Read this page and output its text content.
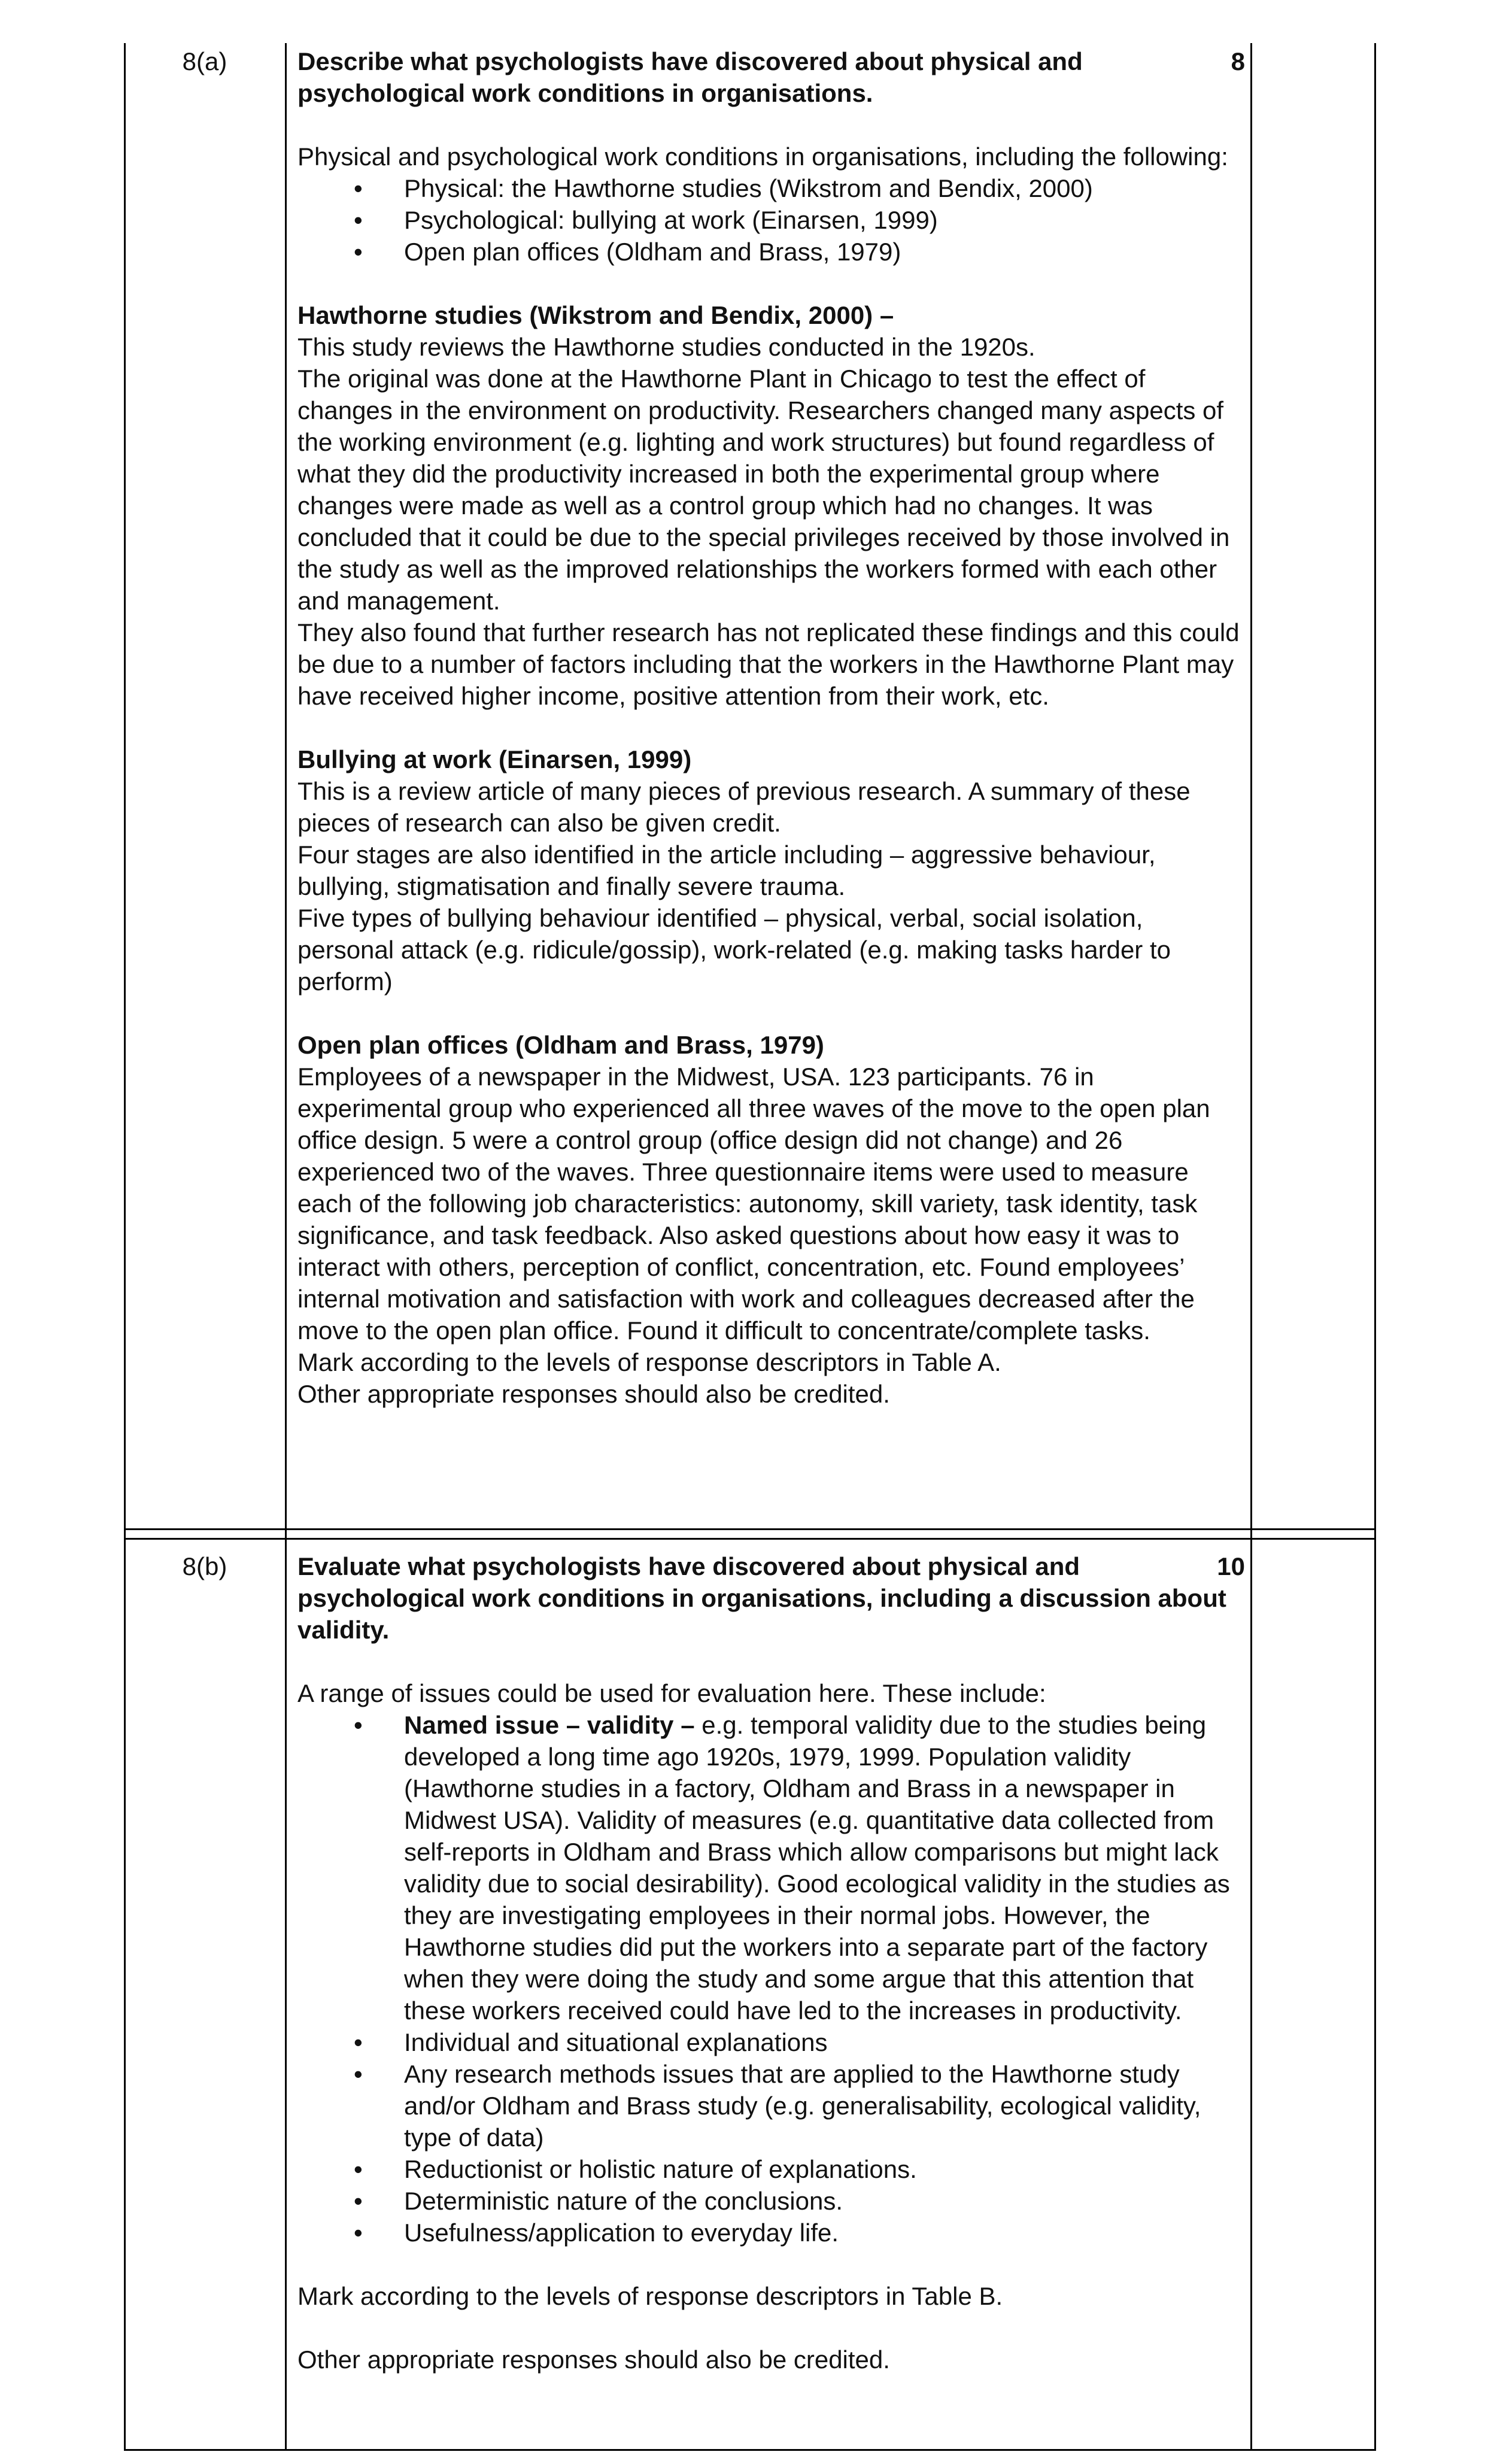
8(a)	8

Describe what psychologists have discovered about physical and psychological work conditions in organisations.

Physical and psychological work conditions in organisations, including the following:

• Physical: the Hawthorne studies (Wikstrom and Bendix, 2000)
• Psychological: bullying at work (Einarsen, 1999)
• Open plan offices (Oldham and Brass, 1979)

Hawthorne studies (Wikstrom and Bendix, 2000) –

This study reviews the Hawthorne studies conducted in the 1920s.

The original was done at the Hawthorne Plant in Chicago to test the effect of changes in the environment on productivity. Researchers changed many aspects of the working environment (e.g. lighting and work structures) but found regardless of what they did the productivity increased in both the experimental group where changes were made as well as a control group which had no changes. It was concluded that it could be due to the special privileges received by those involved in the study as well as the improved relationships the workers formed with each other and management.

They also found that further research has not replicated these findings and this could be due to a number of factors including that the workers in the Hawthorne Plant may have received higher income, positive attention from their work, etc.

Bullying at work (Einarsen, 1999)

This is a review article of many pieces of previous research. A summary of these pieces of research can also be given credit.

Four stages are also identified in the article including – aggressive behaviour, bullying, stigmatisation and finally severe trauma.

Five types of bullying behaviour identified – physical, verbal, social isolation, personal attack (e.g. ridicule/gossip), work-related (e.g. making tasks harder to perform)

Open plan offices (Oldham and Brass, 1979)

Employees of a newspaper in the Midwest, USA. 123 participants. 76 in experimental group who experienced all three waves of the move to the open plan office design. 5 were a control group (office design did not change) and 26 experienced two of the waves. Three questionnaire items were used to measure each of the following job characteristics: autonomy, skill variety, task identity, task significance, and task feedback. Also asked questions about how easy it was to interact with others, perception of conflict, concentration, etc. Found employees’ internal motivation and satisfaction with work and colleagues decreased after the move to the open plan office. Found it difficult to concentrate/complete tasks.

Mark according to the levels of response descriptors in Table A.

Other appropriate responses should also be credited.

8(b)	10

Evaluate what psychologists have discovered about physical and psychological work conditions in organisations, including a discussion about validity.

A range of issues could be used for evaluation here. These include:

• Named issue – validity – e.g. temporal validity due to the studies being developed a long time ago 1920s, 1979, 1999. Population validity (Hawthorne studies in a factory, Oldham and Brass in a newspaper in Midwest USA). Validity of measures (e.g. quantitative data collected from self-reports in Oldham and Brass which allow comparisons but might lack validity due to social desirability). Good ecological validity in the studies as they are investigating employees in their normal jobs. However, the Hawthorne studies did put the workers into a separate part of the factory when they were doing the study and some argue that this attention that these workers received could have led to the increases in productivity.
• Individual and situational explanations
• Any research methods issues that are applied to the Hawthorne study and/or Oldham and Brass study (e.g. generalisability, ecological validity, type of data)
• Reductionist or holistic nature of explanations.
• Deterministic nature of the conclusions.
• Usefulness/application to everyday life.

Mark according to the levels of response descriptors in Table B.

Other appropriate responses should also be credited.
